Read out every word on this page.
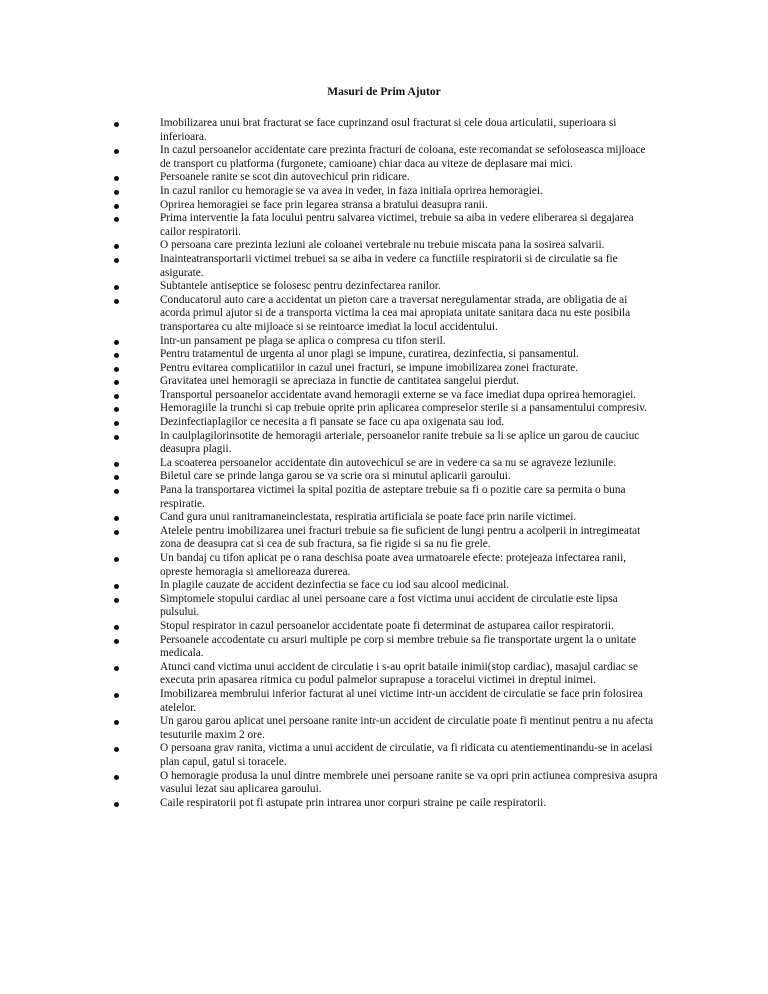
Masuri de Prim Ajutor
Imobilizarea unui brat fracturat se face cuprinzand osul fracturat si cele doua articulatii, superioara si inferioara.
In cazul persoanelor accidentate care prezinta fracturi de coloana, este recomandat se sefoloseasca mijloace de transport cu platforma (furgonete, camioane) chiar daca au viteze de deplasare mai mici.
Persoanele ranite se scot din autovechicul prin ridicare.
In cazul ranilor cu hemoragie se va avea in veder, in faza initiala oprirea hemoragiei.
Oprirea hemoragiei se face prin legarea stransa a bratului deasupra ranii.
Prima interventie la fata locului pentru salvarea victimei, trebuie sa aiba in vedere eliberarea si degajarea cailor respiratorii.
O persoana care prezinta leziuni ale coloanei vertebrale nu trebuie miscata pana la sosirea salvarii.
Inainteatransportarii victimei trebuei sa se aiba in vedere ca functiile respiratorii si de circulatie sa fie asigurate.
Subtantele antiseptice se folosesc pentru dezinfectarea ranilor.
Conducatorul auto care a accidentat un pieton care a traversat neregulamentar strada, are obligatia de ai acorda primul ajutor si de a transporta victima la cea mai apropiata unitate sanitara daca nu este posibila transportarea cu alte mijloace si se reintoarce imediat la locul accidentului.
Intr-un pansament pe plaga se aplica o compresa cu tifon steril.
Pentru tratamentul de urgenta al unor plagi se impune, curatirea, dezinfectia, si pansamentul.
Pentru evitarea complicatiilor in cazul unei fracturi, se impune imobilizarea zonei fracturate.
Gravitatea unei hemoragii se apreciaza in functie de cantitatea sangelui pierdut.
Transportul persoanelor accidentate avand hemoragii externe se va face imediat dupa oprirea hemoragiei.
Hemoragiile la trunchi si cap trebuie oprite prin aplicarea compreselor sterile si a pansamentului compresiv.
Dezinfectiaplagilor ce necesita a fi pansate se face cu apa oxigenata sau iod.
In caulplagilorinsotite de hemoragii arteriale, persoanelor ranite trebuie sa li se aplice un garou de cauciuc deasupra plagii.
La scoaterea persoanelor accidentate din autovechicul se are in vedere ca sa nu se agraveze leziunile.
Biletul care se prinde langa garou se va scrie ora si minutul aplicarii garoului.
Pana la transportarea victimei la spital pozitia de asteptare trebuie sa fi o pozitie care sa permita o buna respiratie.
Cand gura unui ranitramaneinclestata, respiratia artificiala se poate face prin narile victimei.
Atelele pentru imobilizarea unei fracturi trebuie sa fie suficient de lungi pentru a acolperii in intregimeatat zona de deasupra cat si cea de sub fractura, sa fie rigide si sa nu fie grele.
Un bandaj cu tifon aplicat pe o rana deschisa poate avea urmatoarele efecte: protejeaza infectarea ranii, opreste hemoragia si amelioreaza durerea.
In plagile cauzate de accident dezinfectia se face cu iod sau alcool medicinal.
Simptomele stopului cardiac al unei persoane care a fost victima unui accident de circulatie este lipsa pulsului.
Stopul respirator in cazul persoanelor accidentate poate fi determinat de astuparea cailor respiratorii.
Persoanele accodentate cu arsuri multiple pe corp si membre trebuie sa fie transportate urgent la o unitate medicala.
Atunci cand victima unui accident de circulatie i s-au oprit bataile inimii(stop cardiac), masajul cardiac se executa prin apasarea ritmica cu podul palmelor suprapuse a toracelui victimei in dreptul inimei.
Imobilizarea membrului inferior facturat al unei victime intr-un accident de circulatie se face prin folosirea atelelor.
Un garou garou aplicat unei persoane ranite intr-un accident de circulatie poate fi mentinut pentru a nu afecta tesuturile maxim 2 ore.
O persoana grav ranita, victima a unui accident de circulatie, va fi ridicata cu atentiementinandu-se in acelasi plan capul, gatul si toracele.
O hemoragie produsa la unul dintre membrele unei persoane ranite se va opri prin actiunea compresiva asupra vasului lezat sau aplicarea garoului.
Caile respiratorii pot fi astupate prin intrarea unor corpuri straine pe caile respiratorii.
